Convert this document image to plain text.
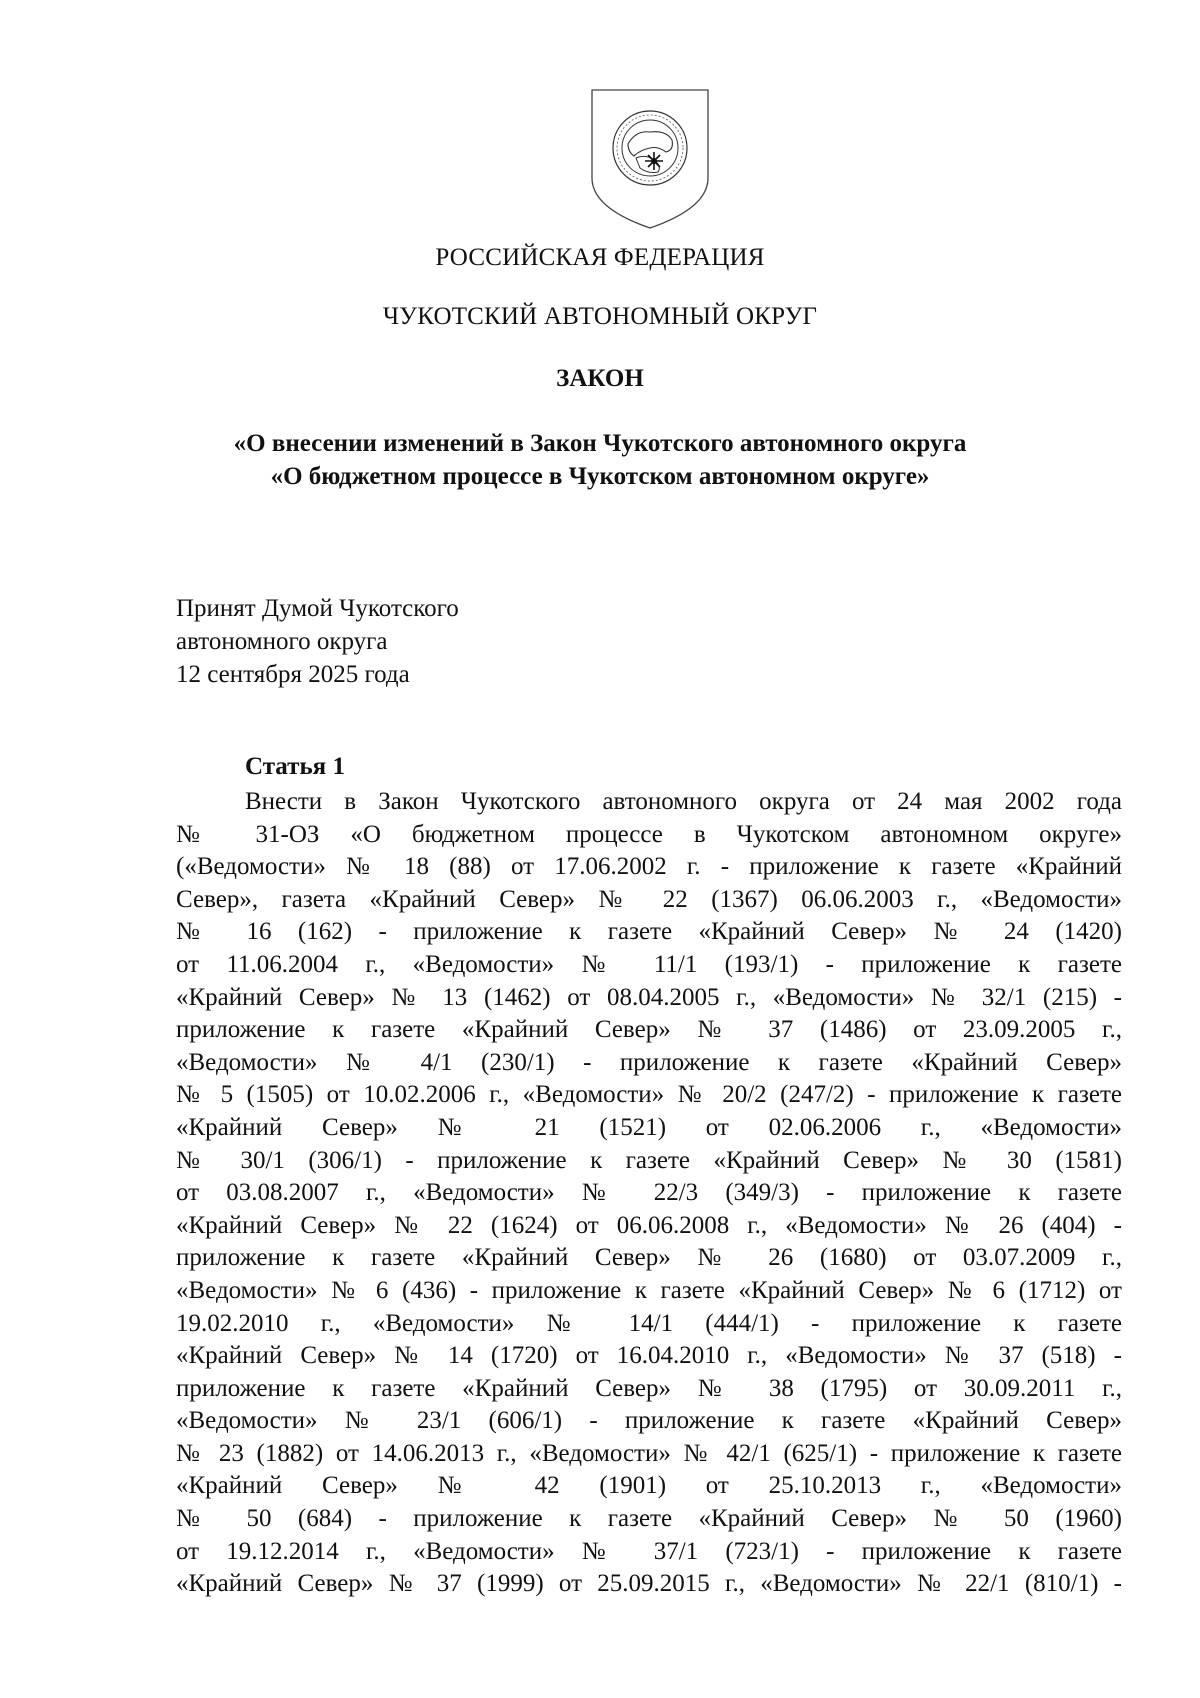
РОССИЙСКАЯ ФЕДЕРАЦИЯ
ЧУКОТСКИЙ АВТОНОМНЫЙ ОКРУГ
ЗАКОН
«О внесении изменений в Закон Чукотского автономного округа
«О бюджетном процессе в Чукотском автономном округе»
Принят Думой Чукотского
автономного округа
12 сентября 2025 года
Статья 1
Внести в Закон Чукотского автономного округа от 24 мая 2002 года
№ 31-ОЗ «О бюджетном процессе в Чукотском автономном округе»
(«Ведомости» № 18 (88) от 17.06.2002 г. - приложение к газете «Крайний
Север», газета «Крайний Север» № 22 (1367) 06.06.2003 г., «Ведомости»
№ 16 (162) - приложение к газете «Крайний Север» № 24 (1420)
от 11.06.2004 г., «Ведомости» № 11/1 (193/1) - приложение к газете
«Крайний Север» № 13 (1462) от 08.04.2005 г., «Ведомости» № 32/1 (215) -
приложение к газете «Крайний Север» № 37 (1486) от 23.09.2005 г.,
«Ведомости» № 4/1 (230/1) - приложение к газете «Крайний Север»
№ 5 (1505) от 10.02.2006 г., «Ведомости» № 20/2 (247/2) - приложение к газете
«Крайний Север» № 21 (1521) от 02.06.2006 г., «Ведомости»
№ 30/1 (306/1) - приложение к газете «Крайний Север» № 30 (1581)
от 03.08.2007 г., «Ведомости» № 22/3 (349/3) - приложение к газете
«Крайний Север» № 22 (1624) от 06.06.2008 г., «Ведомости» № 26 (404) -
приложение к газете «Крайний Север» № 26 (1680) от 03.07.2009 г.,
«Ведомости» № 6 (436) - приложение к газете «Крайний Север» № 6 (1712) от
19.02.2010 г., «Ведомости» № 14/1 (444/1) - приложение к газете
«Крайний Север» № 14 (1720) от 16.04.2010 г., «Ведомости» № 37 (518) -
приложение к газете «Крайний Север» № 38 (1795) от 30.09.2011 г.,
«Ведомости» № 23/1 (606/1) - приложение к газете «Крайний Север»
№ 23 (1882) от 14.06.2013 г., «Ведомости» № 42/1 (625/1) - приложение к газете
«Крайний Север» № 42 (1901) от 25.10.2013 г., «Ведомости»
№ 50 (684) - приложение к газете «Крайний Север» № 50 (1960)
от 19.12.2014 г., «Ведомости» № 37/1 (723/1) - приложение к газете
«Крайний Север» № 37 (1999) от 25.09.2015 г., «Ведомости» № 22/1 (810/1) -
